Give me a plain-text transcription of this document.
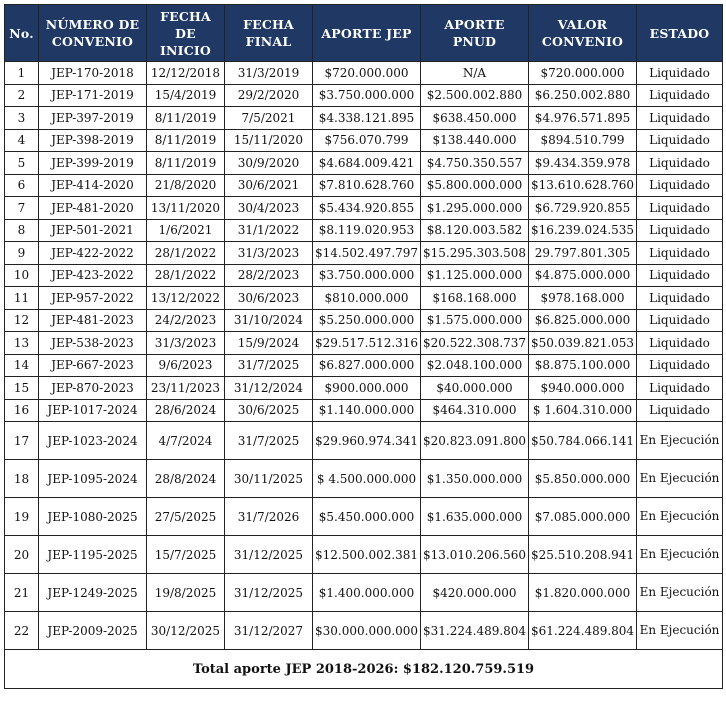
No.	NÚMERO DE CONVENIO	FECHA DE INICIO	FECHA FINAL	APORTE JEP	APORTE PNUD	VALOR CONVENIO	ESTADO
1	JEP-170-2018	12/12/2018	31/3/2019	$720.000.000	N/A	$720.000.000	Liquidado
2	JEP-171-2019	15/4/2019	29/2/2020	$3.750.000.000	$2.500.002.880	$6.250.002.880	Liquidado
3	JEP-397-2019	8/11/2019	7/5/2021	$4.338.121.895	$638.450.000	$4.976.571.895	Liquidado
4	JEP-398-2019	8/11/2019	15/11/2020	$756.070.799	$138.440.000	$894.510.799	Liquidado
5	JEP-399-2019	8/11/2019	30/9/2020	$4.684.009.421	$4.750.350.557	$9.434.359.978	Liquidado
6	JEP-414-2020	21/8/2020	30/6/2021	$7.810.628.760	$5.800.000.000	$13.610.628.760	Liquidado
7	JEP-481-2020	13/11/2020	30/4/2023	$5.434.920.855	$1.295.000.000	$6.729.920.855	Liquidado
8	JEP-501-2021	1/6/2021	31/1/2022	$8.119.020.953	$8.120.003.582	$16.239.024.535	Liquidado
9	JEP-422-2022	28/1/2022	31/3/2023	$14.502.497.797	$15.295.303.508	29.797.801.305	Liquidado
10	JEP-423-2022	28/1/2022	28/2/2023	$3.750.000.000	$1.125.000.000	$4.875.000.000	Liquidado
11	JEP-957-2022	13/12/2022	30/6/2023	$810.000.000	$168.168.000	$978.168.000	Liquidado
12	JEP-481-2023	24/2/2023	31/10/2024	$5.250.000.000	$1.575.000.000	$6.825.000.000	Liquidado
13	JEP-538-2023	31/3/2023	15/9/2024	$29.517.512.316	$20.522.308.737	$50.039.821.053	Liquidado
14	JEP-667-2023	9/6/2023	31/7/2025	$6.827.000.000	$2.048.100.000	$8.875.100.000	Liquidado
15	JEP-870-2023	23/11/2023	31/12/2024	$900.000.000	$40.000.000	$940.000.000	Liquidado
16	JEP-1017-2024	28/6/2024	30/6/2025	$1.140.000.000	$464.310.000	$ 1.604.310.000	Liquidado
17	JEP-1023-2024	4/7/2024	31/7/2025	$29.960.974.341	$20.823.091.800	$50.784.066.141	En Ejecución
18	JEP-1095-2024	28/8/2024	30/11/2025	$ 4.500.000.000	$1.350.000.000	$5.850.000.000	En Ejecución
19	JEP-1080-2025	27/5/2025	31/7/2026	$5.450.000.000	$1.635.000.000	$7.085.000.000	En Ejecución
20	JEP-1195-2025	15/7/2025	31/12/2025	$12.500.002.381	$13.010.206.560	$25.510.208.941	En Ejecución
21	JEP-1249-2025	19/8/2025	31/12/2025	$1.400.000.000	$420.000.000	$1.820.000.000	En Ejecución
22	JEP-2009-2025	30/12/2025	31/12/2027	$30.000.000.000	$31.224.489.804	$61.224.489.804	En Ejecución
Total aporte JEP 2018-2026: $182.120.759.519							
